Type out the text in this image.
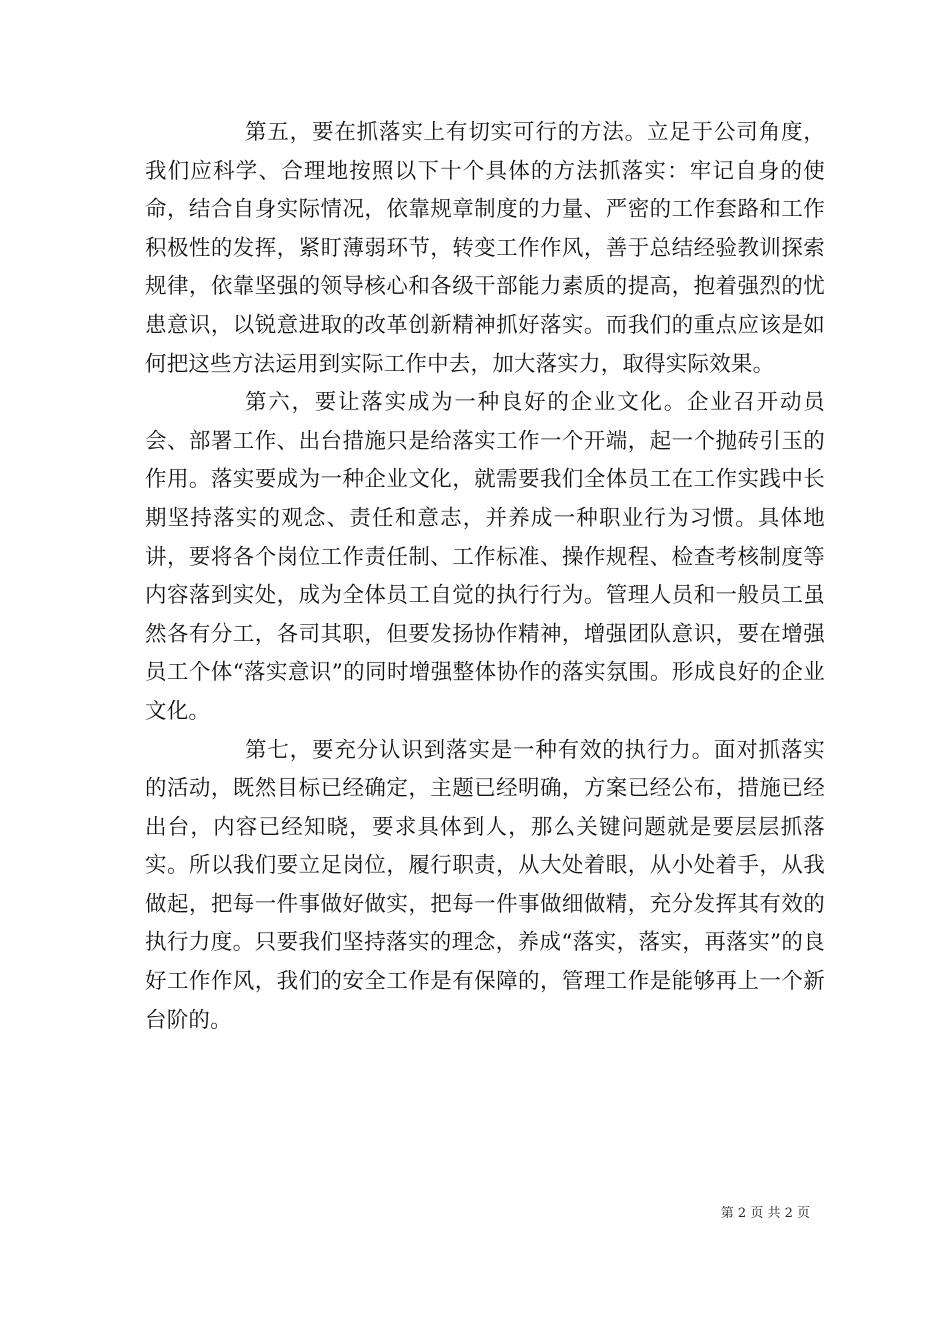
第五，要在抓落实上有切实可行的方法。立足于公司角度，我们应科学、合理地按照以下十个具体的方法抓落实：牢记自身的使命，结合自身实际情况，依靠规章制度的力量、严密的工作套路和工作积极性的发挥，紧盯薄弱环节，转变工作作风，善于总结经验教训探索规律，依靠坚强的领导核心和各级干部能力素质的提高，抱着强烈的忧患意识，以锐意进取的改革创新精神抓好落实。而我们的重点应该是如何把这些方法运用到实际工作中去，加大落实力，取得实际效果。

第六，要让落实成为一种良好的企业文化。企业召开动员会、部署工作、出台措施只是给落实工作一个开端，起一个抛砖引玉的作用。落实要成为一种企业文化，就需要我们全体员工在工作实践中长期坚持落实的观念、责任和意志，并养成一种职业行为习惯。具体地讲，要将各个岗位工作责任制、工作标准、操作规程、检查考核制度等内容落到实处，成为全体员工自觉的执行行为。管理人员和一般员工虽然各有分工，各司其职，但要发扬协作精神，增强团队意识，要在增强员工个体“落实意识”的同时增强整体协作的落实氛围。形成良好的企业文化。

第七，要充分认识到落实是一种有效的执行力。面对抓落实的活动，既然目标已经确定，主题已经明确，方案已经公布，措施已经出台，内容已经知晓，要求具体到人，那么关键问题就是要层层抓落实。所以我们要立足岗位，履行职责，从大处着眼，从小处着手，从我做起，把每一件事做好做实，把每一件事做细做精，充分发挥其有效的执行力度。只要我们坚持落实的理念，养成“落实，落实，再落实”的良好工作作风，我们的安全工作是有保障的，管理工作是能够再上一个新台阶的。

第 2 页 共 2 页
